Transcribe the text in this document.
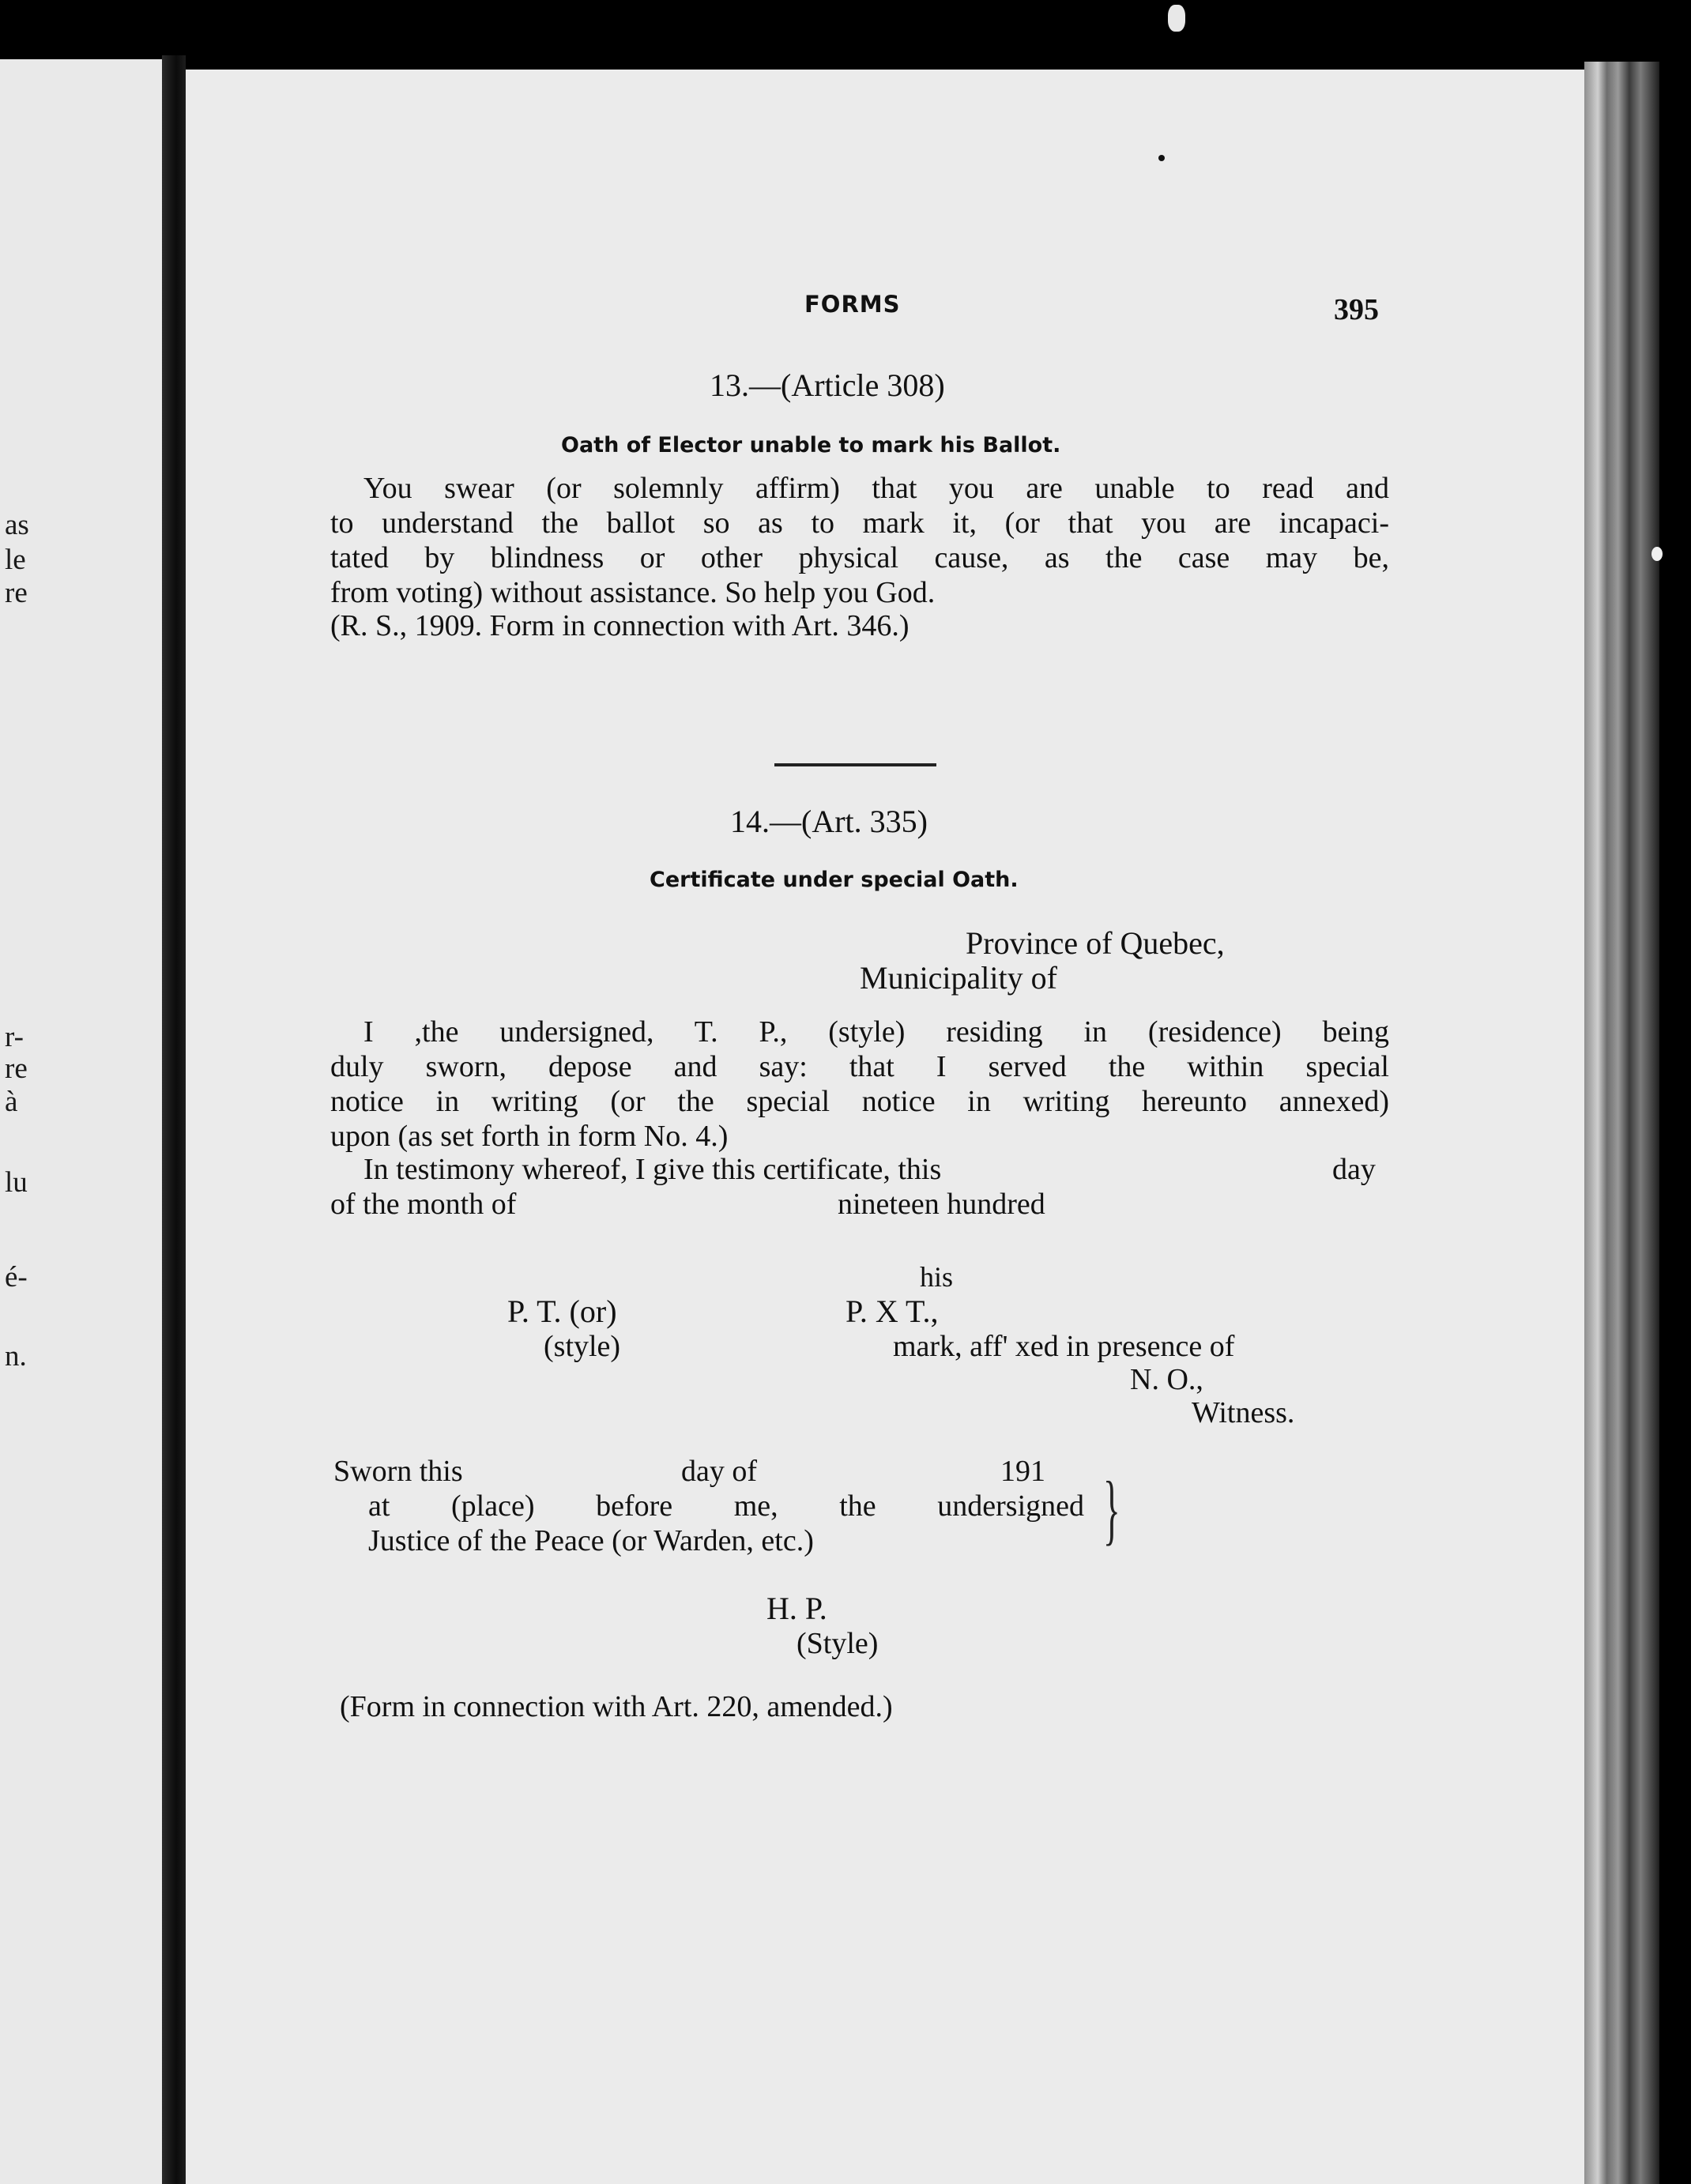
as
le
re
r-
re
à
lu
é-
n.
FORMS	395
13.—(Article 308)
Oath of Elector unable to mark his Ballot.
You swear (or solemnly affirm) that you are unable to read and
to understand the ballot so as to mark it, (or that you are incapaci-
tated by blindness or other physical cause, as the case may be,
from voting) without assistance. So help you God.
(R. S., 1909. Form in connection with Art. 346.)
14.—(Art. 335)
Certificate under special Oath.
Province of Quebec,
Municipality of
I ,the undersigned, T. P., (style) residing in (residence) being
duly sworn, depose and say: that I served the within special
notice in writing (or the special notice in writing hereunto annexed)
upon (as set forth in form No. 4.)
In testimony whereof, I give this certificate, this	day
of the month of	nineteen hundred
his
P. T. (or)	P. X T.,
(style)	mark, aff' xed in presence of
N. O.,
Witness.
Sworn this	day of	191
at (place) before me, the undersigned
Justice of the Peace (or Warden, etc.)	}
H. P.
(Style)
(Form in connection with Art. 220, amended.)
